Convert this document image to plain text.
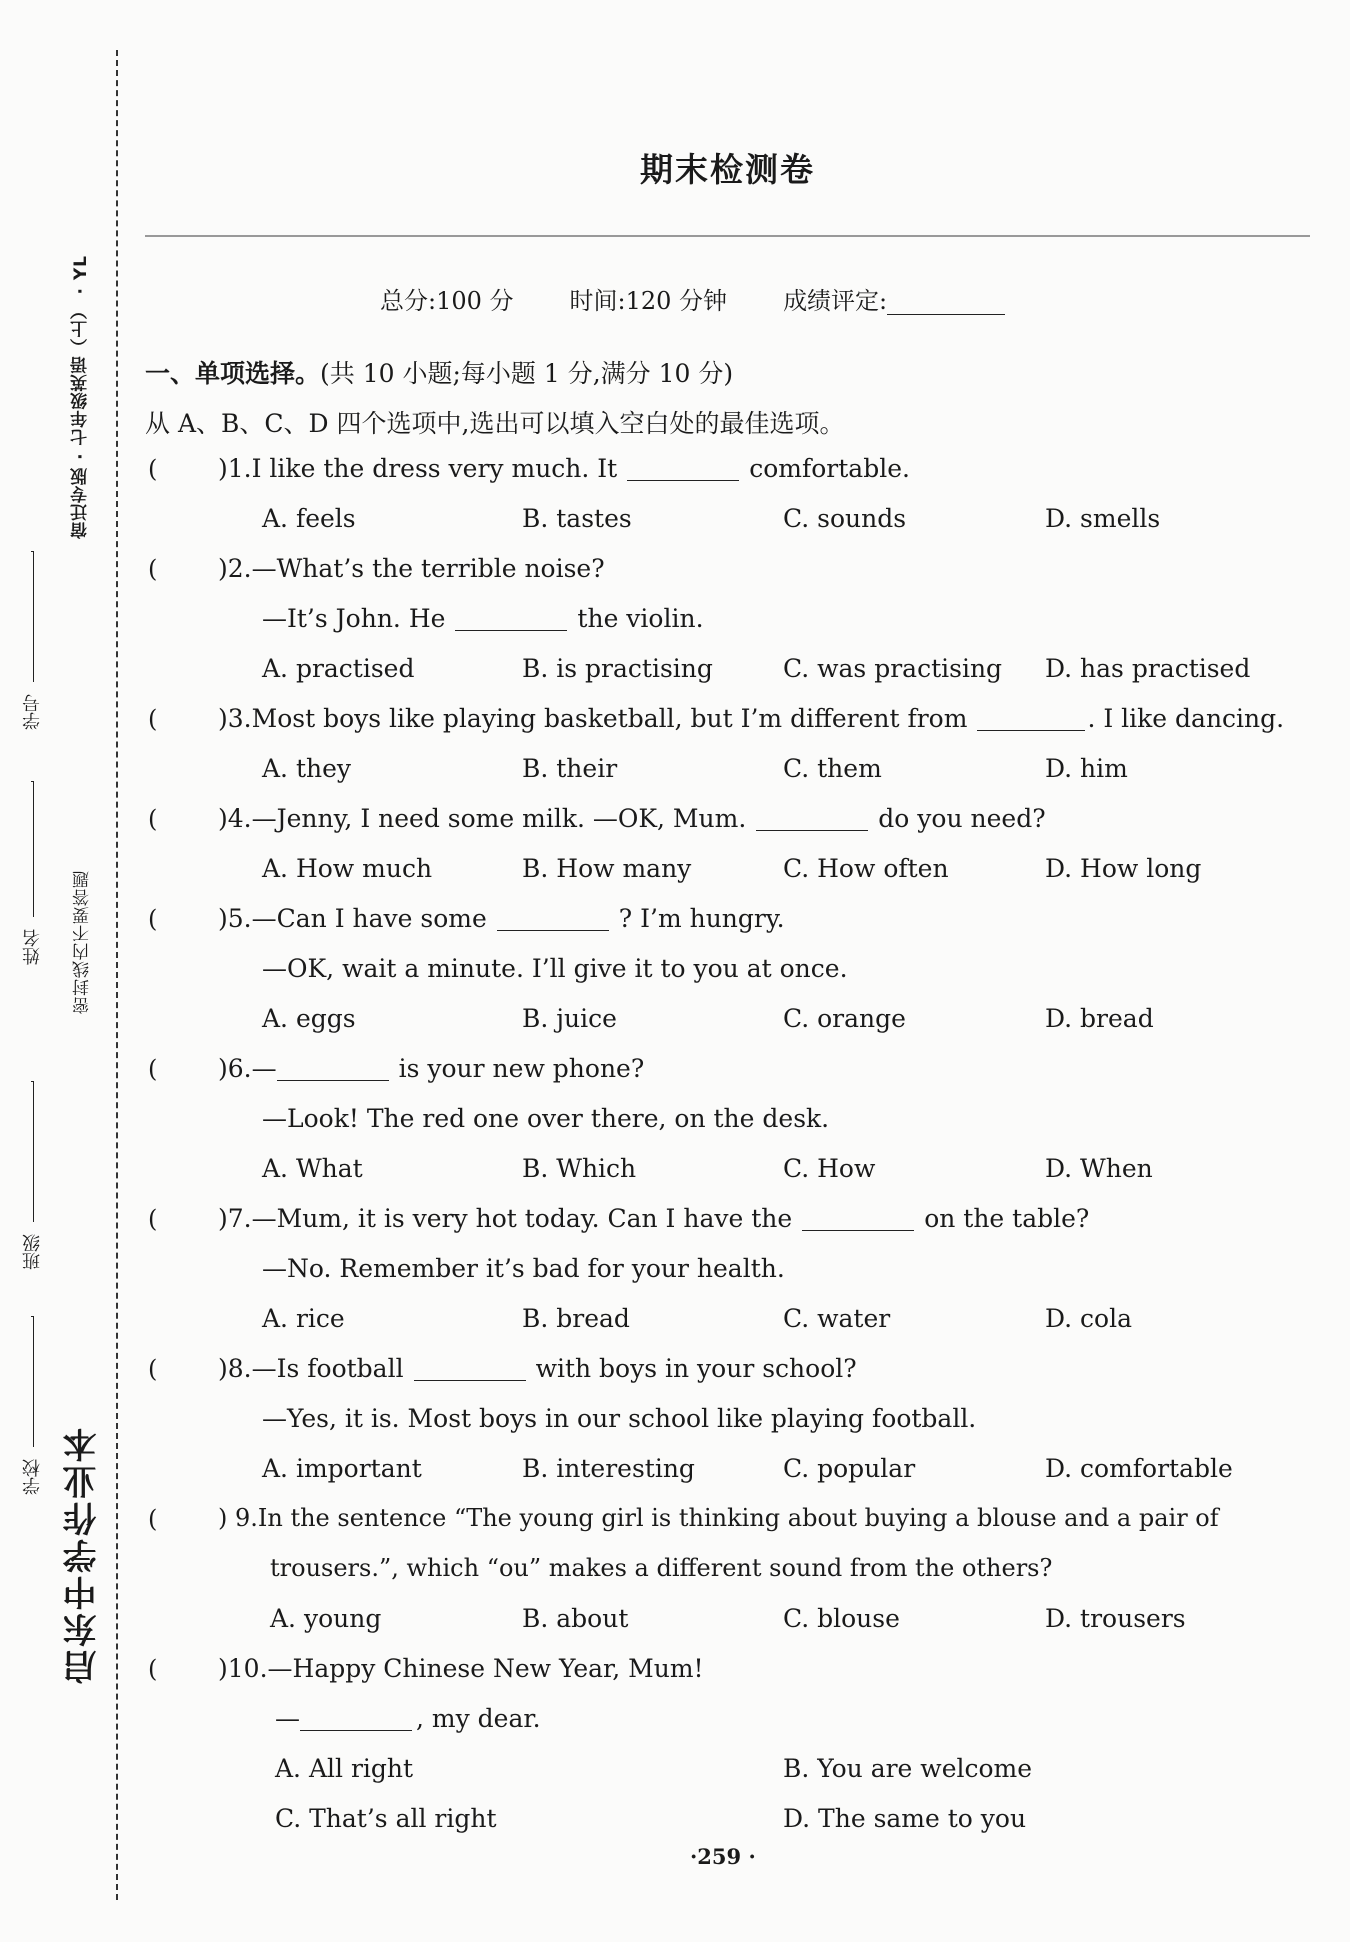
学校
班级
姓名
学号
启东中学作业本
宿迁专版 · 七年级英语（上） · YL
密封线内不要答题
期末检测卷
总分:100 分 时间:120 分钟 成绩评定:
一、单项选择。(共 10 小题;每小题 1 分,满分 10 分)
从 A、B、C、D 四个选项中,选出可以填入空白处的最佳选项。
( )1.I like the dress very much. It	comfortable.
A. feels	B. tastes	C. sounds	D. smells
( )2.—What’s the terrible noise?
—It’s John. He	the violin.
A. practised	B. is practising	C. was practising D. has practised
( )3.Most boys like playing basketball, but I’m different from	. I like dancing.
A. they	B. their	C. them	D. him
( )4.—Jenny, I need some milk. —OK, Mum.	do you need?
A. How much	B. How many	C. How often	D. How long
( )5.—Can I have some	? I’m hungry.
—OK, wait a minute. I’ll give it to you at once.
A. eggs	B. juice	C. orange	D. bread
( )6.—	is your new phone?
—Look! The red one over there, on the desk.
A. What	B. Which	C. How	D. When
( )7.—Mum, it is very hot today. Can I have the	on the table?
—No. Remember it’s bad for your health.
A. rice	B. bread	C. water	D. cola
( )8.—Is football	with boys in your school?
—Yes, it is. Most boys in our school like playing football.
A. important	B. interesting	C. popular	D. comfortable
(	) 9.In the sentence “The young girl is thinking about buying a blouse and a pair of
trousers.”, which “ou” makes a different sound from the others?
A. young	B. about	C. blouse	D. trousers
( )10.—Happy Chinese New Year, Mum!
—	, my dear.
A. All right	B. You are welcome
C. That’s all right	D. The same to you
·259 ·
